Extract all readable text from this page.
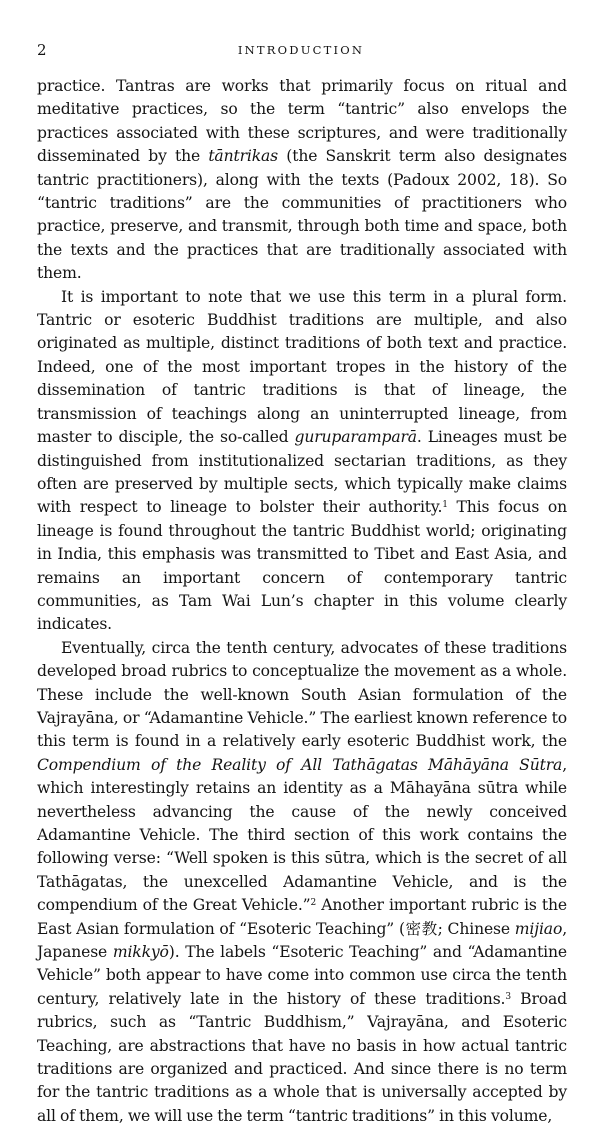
2	INTRODUCTION

practice. Tantras are works that primarily focus on ritual and meditative practices, so the term “tantric” also envelops the practices associated with these scriptures, and were traditionally disseminated by the tāntrikas (the Sanskrit term also designates tantric practitioners), along with the texts (Padoux 2002, 18). So “tantric traditions” are the communities of practitioners who practice, preserve, and transmit, through both time and space, both the texts and the practices that are traditionally associated with them.

It is important to note that we use this term in a plural form. Tantric or esoteric Buddhist traditions are multiple, and also originated as multiple, distinct traditions of both text and practice. Indeed, one of the most important tropes in the history of the dissemination of tantric traditions is that of lineage, the transmission of teachings along an uninterrupted lineage, from master to disciple, the so-called guruparamparā. Lineages must be distinguished from institutionalized sectarian traditions, as they often are preserved by multiple sects, which typically make claims with respect to lineage to bolster their authority.$^1$ This focus on lineage is found throughout the tantric Buddhist world; originating in India, this emphasis was transmitted to Tibet and East Asia, and remains an important concern of contemporary tantric communities, as Tam Wai Lun’s chapter in this volume clearly indicates.

Eventually, circa the tenth century, advocates of these traditions developed broad rubrics to conceptualize the movement as a whole. These include the well-known South Asian formulation of the Vajrayāna, or “Adamantine Vehicle.” The earliest known reference to this term is found in a relatively early esoteric Buddhist work, the Compendium of the Reality of All Tathāgatas Māhāyāna Sūtra, which interestingly retains an identity as a Māhayāna sūtra while nevertheless advancing the cause of the newly conceived Adamantine Vehicle. The third section of this work contains the following verse: “Well spoken is this sūtra, which is the secret of all Tathāgatas, the unexcelled Adamantine Vehicle, and is the compendium of the Great Vehicle.”$^2$ Another important rubric is the East Asian formulation of “Esoteric Teaching” (密教; Chinese mijiao, Japanese mikkyō). The labels “Esoteric Teaching” and “Adamantine Vehicle” both appear to have come into common use circa the tenth century, relatively late in the history of these traditions.$^3$ Broad rubrics, such as “Tantric Buddhism,” Vajrayāna, and Esoteric Teaching, are abstractions that have no basis in how actual tantric traditions are organized and practiced. And since there is no term for the tantric traditions as a whole that is universally accepted by all of them, we will use the term “tantric traditions” in this volume,
